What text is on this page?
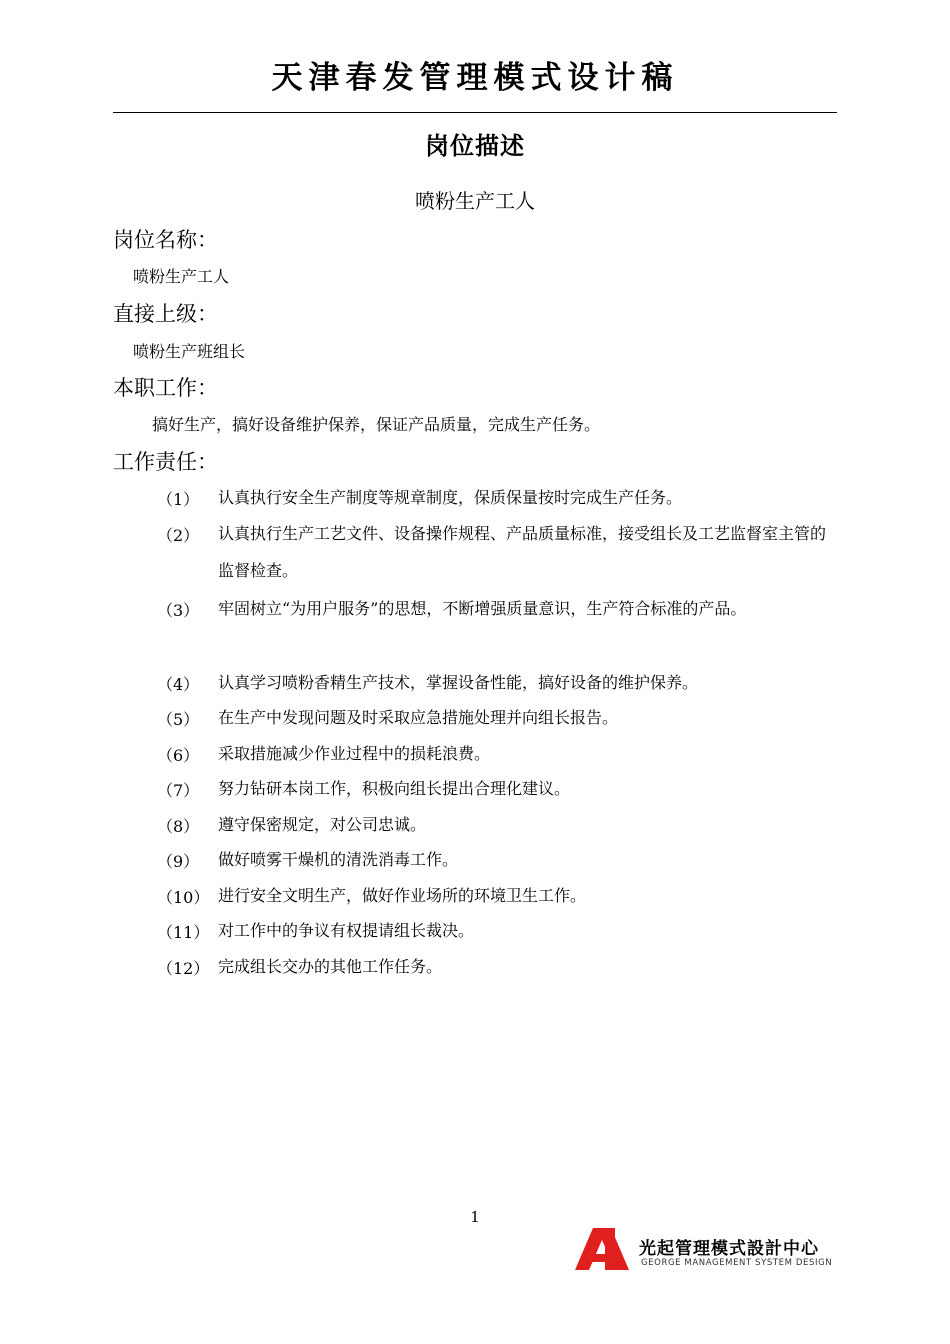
天津春发管理模式设计稿
岗位描述
喷粉生产工人
岗位名称：
喷粉生产工人
直接上级：
喷粉生产班组长
本职工作：
搞好生产，搞好设备维护保养，保证产品质量，完成生产任务。
工作责任：
（1） 认真执行安全生产制度等规章制度，保质保量按时完成生产任务。
（2） 认真执行生产工艺文件、设备操作规程、产品质量标准，接受组长及工艺监督室主管的监督检查。
（3） 牢固树立“为用户服务”的思想，不断增强质量意识，生产符合标准的产品。
（4） 认真学习喷粉香精生产技术，掌握设备性能，搞好设备的维护保养。
（5） 在生产中发现问题及时采取应急措施处理并向组长报告。
（6） 采取措施减少作业过程中的损耗浪费。
（7） 努力钻研本岗工作，积极向组长提出合理化建议。
（8） 遵守保密规定，对公司忠诚。
（9） 做好喷雾干燥机的清洗消毒工作。
（10） 进行安全文明生产，做好作业场所的环境卫生工作。
（11） 对工作中的争议有权提请组长裁决。
（12） 完成组长交办的其他工作任务。
1
光起管理模式設計中心
GEORGE MANAGEMENT SYSTEM DESIGN
